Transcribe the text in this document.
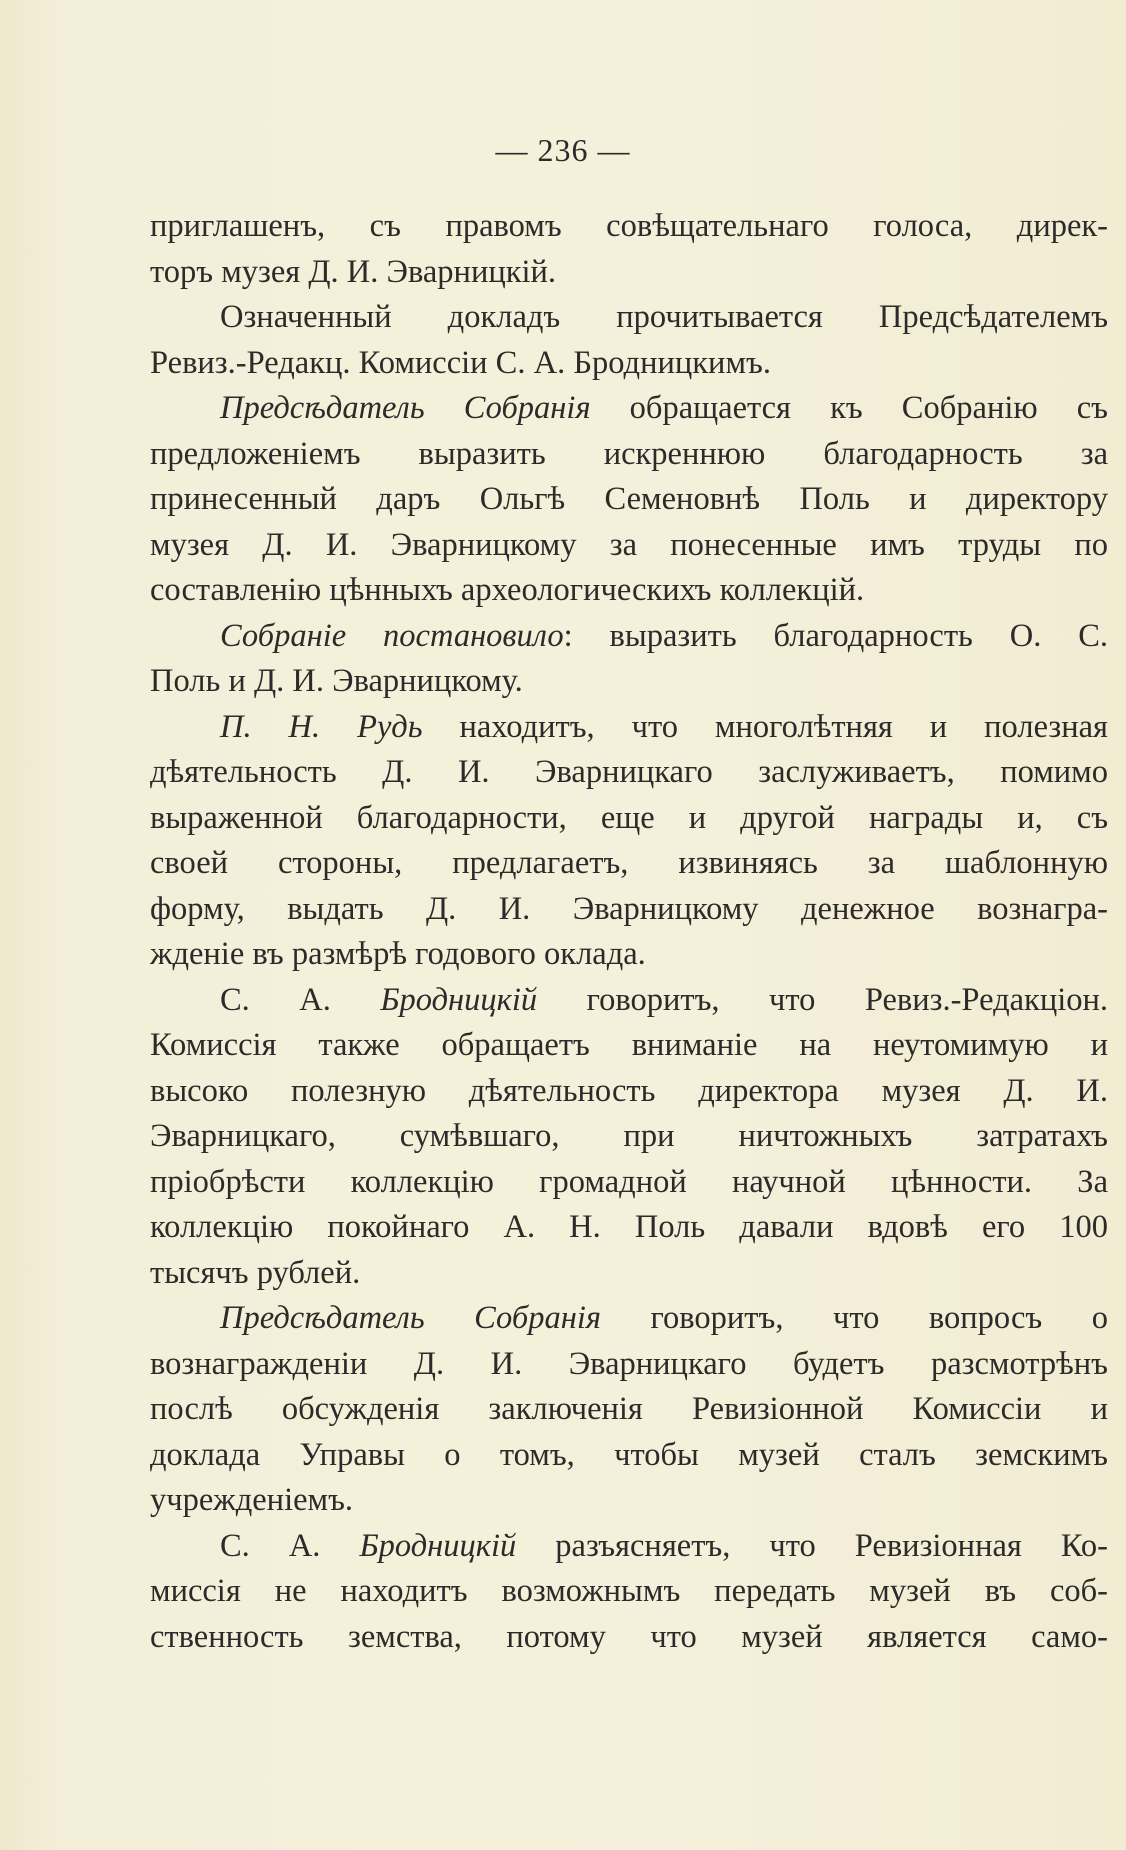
— 236 —
приглашенъ, съ правомъ совѣщательнаго голоса, дирек-
торъ музея Д. И. Эварницкій.
Означенный докладъ прочитывается Предсѣдателемъ
Ревиз.-Редакц. Комиссіи С. А. Бродницкимъ.
Предсѣдатель Собранія обращается къ Собранію съ
предложеніемъ выразить искреннюю благодарность за
принесенный даръ Ольгѣ Семеновнѣ Поль и директору
музея Д. И. Эварницкому за понесенные имъ труды по
составленію цѣнныхъ археологическихъ коллекцій.
Собраніе постановило: выразить благодарность О. С.
Поль и Д. И. Эварницкому.
П. Н. Рудь находитъ, что многолѣтняя и полезная
дѣятельность Д. И. Эварницкаго заслуживаетъ, помимо
выраженной благодарности, еще и другой награды и, съ
своей стороны, предлагаетъ, извиняясь за шаблонную
форму, выдать Д. И. Эварницкому денежное вознагра-
жденіе въ размѣрѣ годового оклада.
С. А. Бродницкій говоритъ, что Ревиз.-Редакціон.
Комиссія также обращаетъ вниманіе на неутомимую и
высоко полезную дѣятельность директора музея Д. И.
Эварницкаго, сумѣвшаго, при ничтожныхъ затратахъ
пріобрѣсти коллекцію громадной научной цѣнности. За
коллекцію покойнаго А. Н. Поль давали вдовѣ его 100
тысячъ рублей.
Предсѣдатель Собранія говоритъ, что вопросъ о
вознагражденіи Д. И. Эварницкаго будетъ разсмотрѣнъ
послѣ обсужденія заключенія Ревизіонной Комиссіи и
доклада Управы о томъ, чтобы музей сталъ земскимъ
учрежденіемъ.
С. А. Бродницкій разъясняетъ, что Ревизіонная Ко-
миссія не находитъ возможнымъ передать музей въ соб-
ственность земства, потому что музей является само-
